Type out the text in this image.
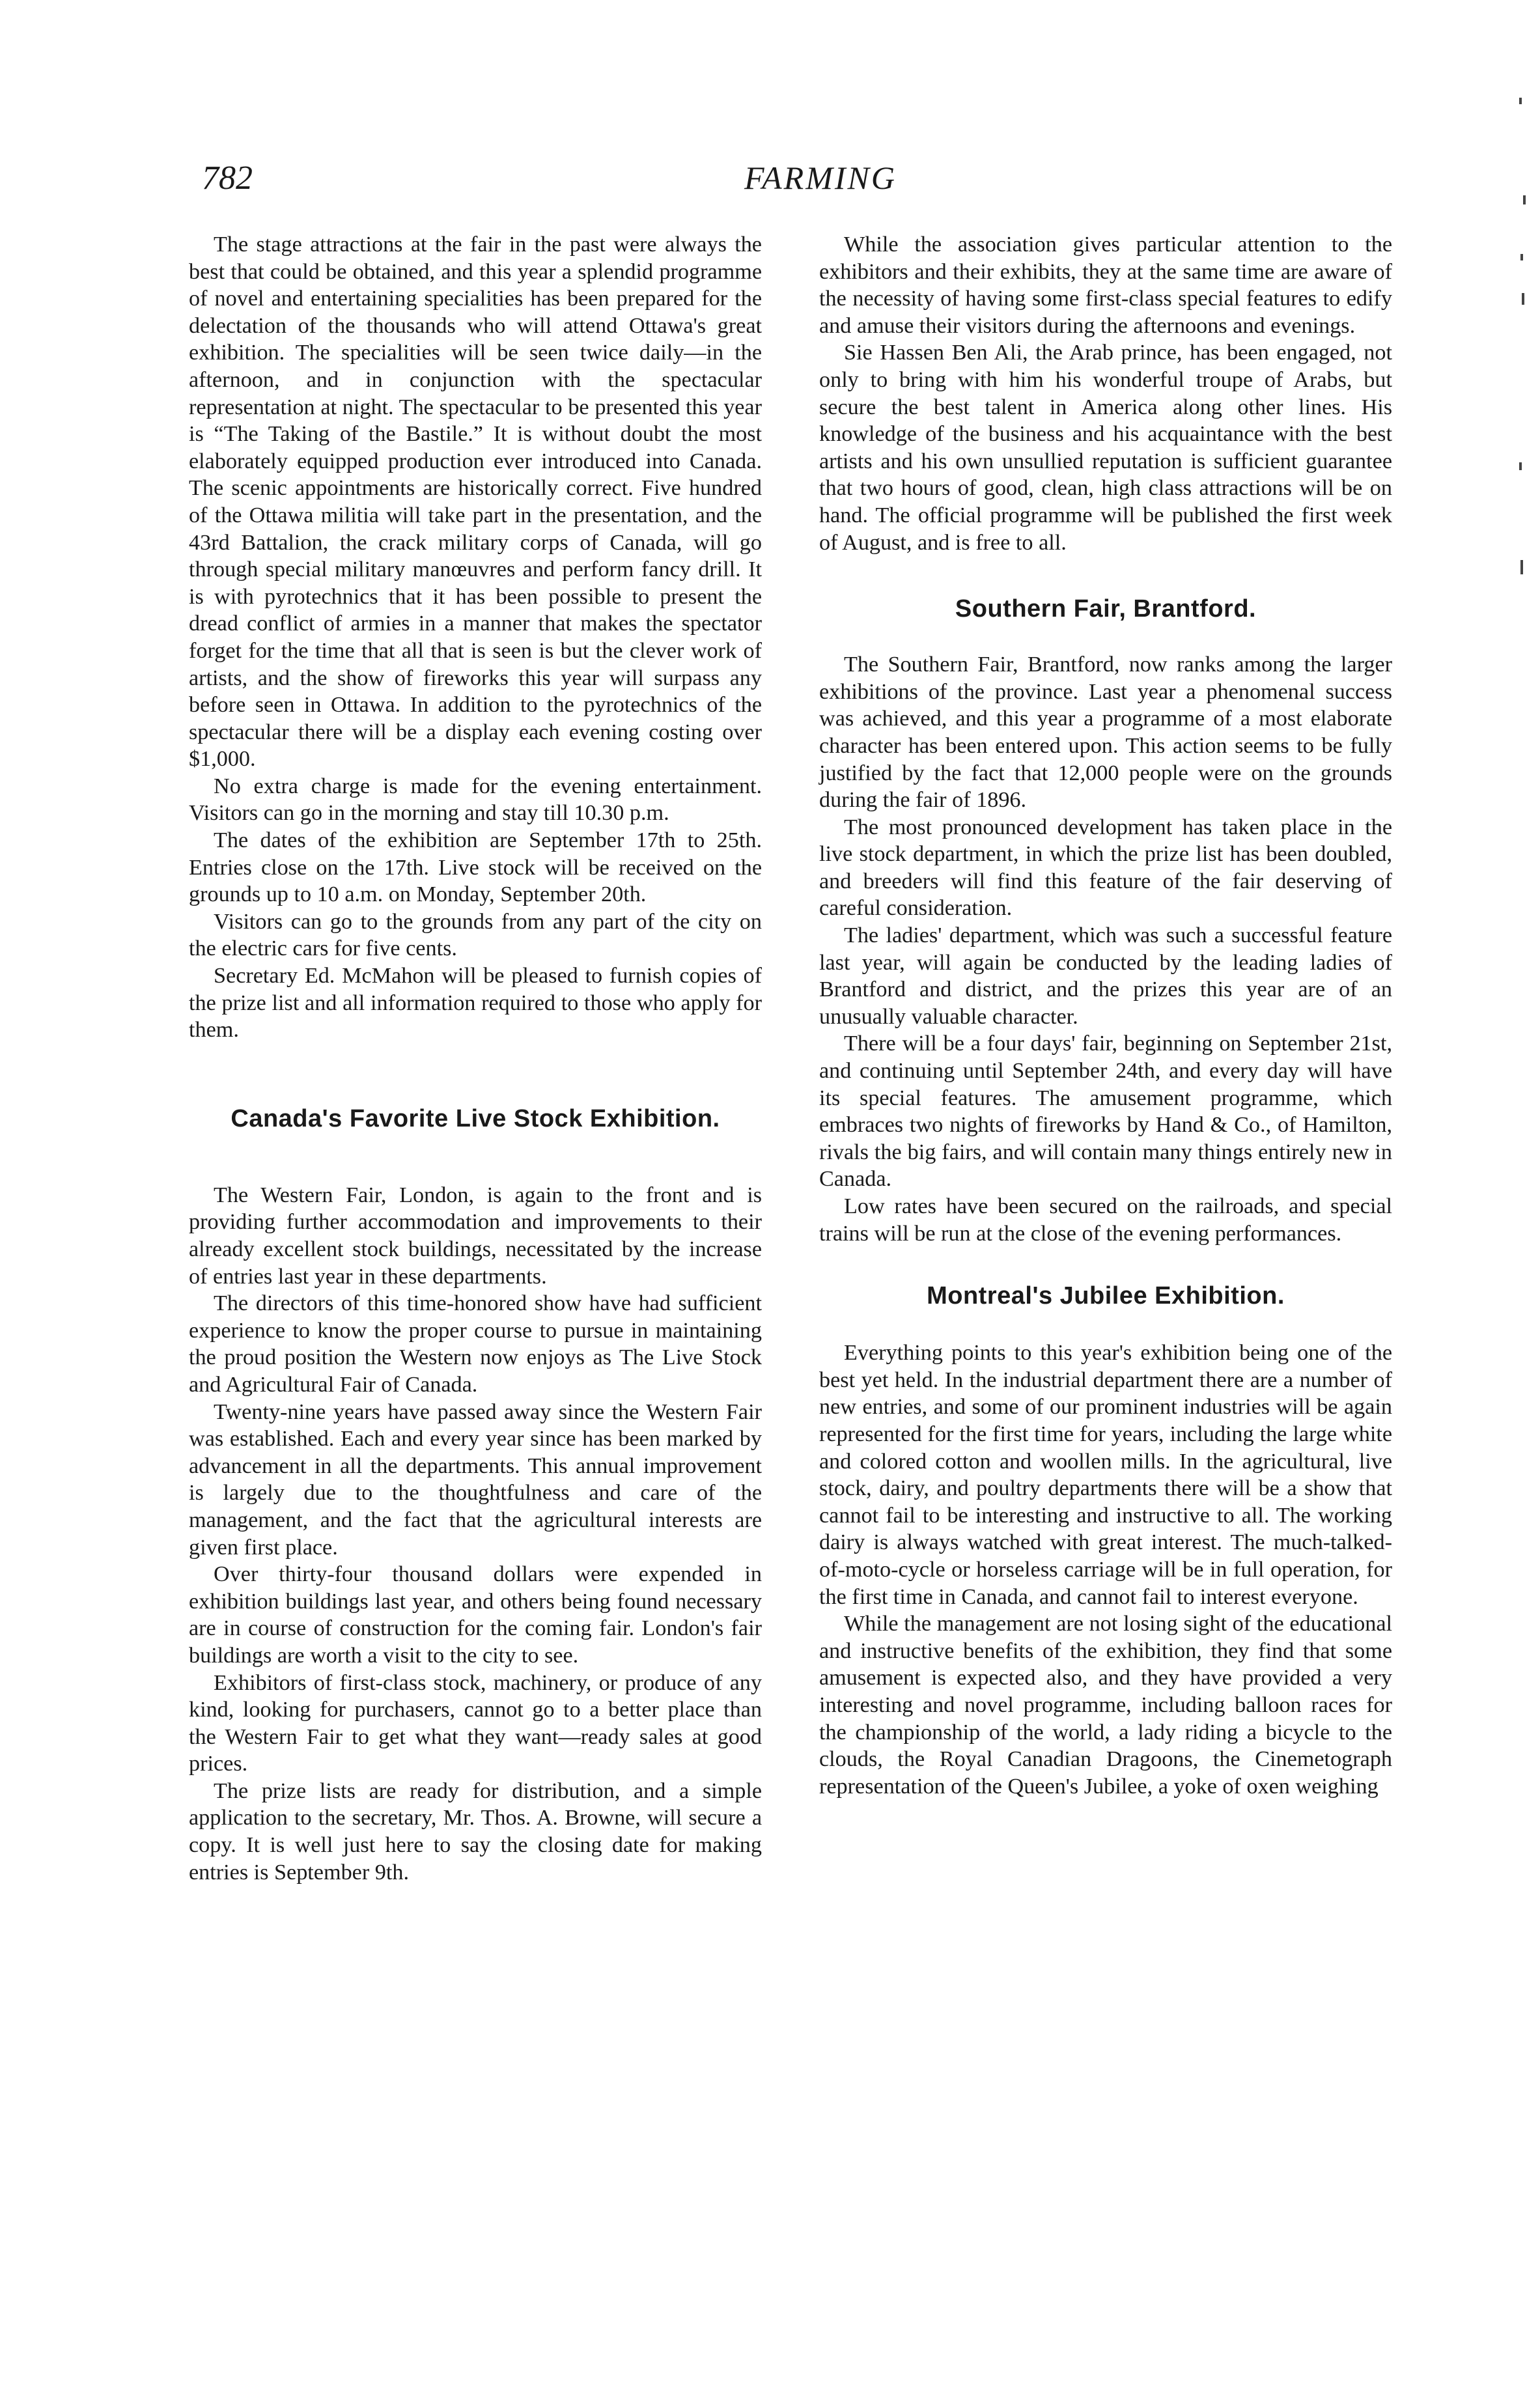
782	FARMING

The stage attractions at the fair in the past were always the best that could be obtained, and this year a splendid programme of novel and entertaining specialities has been prepared for the delectation of the thousands who will attend Ottawa's great exhibition. The specialities will be seen twice daily—in the afternoon, and in conjunction with the spectacular representation at night. The spectacular to be presented this year is “The Taking of the Bastile.” It is without doubt the most elaborately equipped production ever introduced into Canada. The scenic appointments are historically correct. Five hundred of the Ottawa militia will take part in the presentation, and the 43rd Battalion, the crack military corps of Canada, will go through special military manœuvres and perform fancy drill. It is with pyrotechnics that it has been possible to present the dread conflict of armies in a manner that makes the spectator forget for the time that all that is seen is but the clever work of artists, and the show of fireworks this year will surpass any before seen in Ottawa. In addition to the pyrotechnics of the spectacular there will be a display each evening costing over $1,000.

No extra charge is made for the evening entertainment. Visitors can go in the morning and stay till 10.30 p.m.

The dates of the exhibition are September 17th to 25th. Entries close on the 17th. Live stock will be received on the grounds up to 10 a.m. on Monday, September 20th.

Visitors can go to the grounds from any part of the city on the electric cars for five cents.

Secretary Ed. McMahon will be pleased to furnish copies of the prize list and all information required to those who apply for them.

Canada's Favorite Live Stock Exhibition.

The Western Fair, London, is again to the front and is providing further accommodation and improvements to their already excellent stock buildings, necessitated by the increase of entries last year in these departments.

The directors of this time-honored show have had sufficient experience to know the proper course to pursue in maintaining the proud position the Western now enjoys as The Live Stock and Agricultural Fair of Canada.

Twenty-nine years have passed away since the Western Fair was established. Each and every year since has been marked by advancement in all the departments. This annual improvement is largely due to the thoughtfulness and care of the management, and the fact that the agricultural interests are given first place.

Over thirty-four thousand dollars were expended in exhibition buildings last year, and others being found necessary are in course of construction for the coming fair. London's fair buildings are worth a visit to the city to see.

Exhibitors of first-class stock, machinery, or produce of any kind, looking for purchasers, cannot go to a better place than the Western Fair to get what they want—ready sales at good prices.

The prize lists are ready for distribution, and a simple application to the secretary, Mr. Thos. A. Browne, will secure a copy. It is well just here to say the closing date for making entries is September 9th.

While the association gives particular attention to the exhibitors and their exhibits, they at the same time are aware of the necessity of having some first-class special features to edify and amuse their visitors during the afternoons and evenings.

Sie Hassen Ben Ali, the Arab prince, has been engaged, not only to bring with him his wonderful troupe of Arabs, but secure the best talent in America along other lines. His knowledge of the business and his acquaintance with the best artists and his own unsullied reputation is sufficient guarantee that two hours of good, clean, high class attractions will be on hand. The official programme will be published the first week of August, and is free to all.

Southern Fair, Brantford.

The Southern Fair, Brantford, now ranks among the larger exhibitions of the province. Last year a phenomenal success was achieved, and this year a programme of a most elaborate character has been entered upon. This action seems to be fully justified by the fact that 12,000 people were on the grounds during the fair of 1896.

The most pronounced development has taken place in the live stock department, in which the prize list has been doubled, and breeders will find this feature of the fair deserving of careful consideration.

The ladies' department, which was such a successful feature last year, will again be conducted by the leading ladies of Brantford and district, and the prizes this year are of an unusually valuable character.

There will be a four days' fair, beginning on September 21st, and continuing until September 24th, and every day will have its special features. The amusement programme, which embraces two nights of fireworks by Hand & Co., of Hamilton, rivals the big fairs, and will contain many things entirely new in Canada.

Low rates have been secured on the railroads, and special trains will be run at the close of the evening performances.

Montreal's Jubilee Exhibition.

Everything points to this year's exhibition being one of the best yet held. In the industrial department there are a number of new entries, and some of our prominent industries will be again represented for the first time for years, including the large white and colored cotton and woollen mills. In the agricultural, live stock, dairy, and poultry departments there will be a show that cannot fail to be interesting and instructive to all. The working dairy is always watched with great interest. The much-talked-of-moto-cycle or horseless carriage will be in full operation, for the first time in Canada, and cannot fail to interest everyone.

While the management are not losing sight of the educational and instructive benefits of the exhibition, they find that some amusement is expected also, and they have provided a very interesting and novel programme, including balloon races for the championship of the world, a lady riding a bicycle to the clouds, the Royal Canadian Dragoons, the Cinemetograph representation of the Queen's Jubilee, a yoke of oxen weighing
